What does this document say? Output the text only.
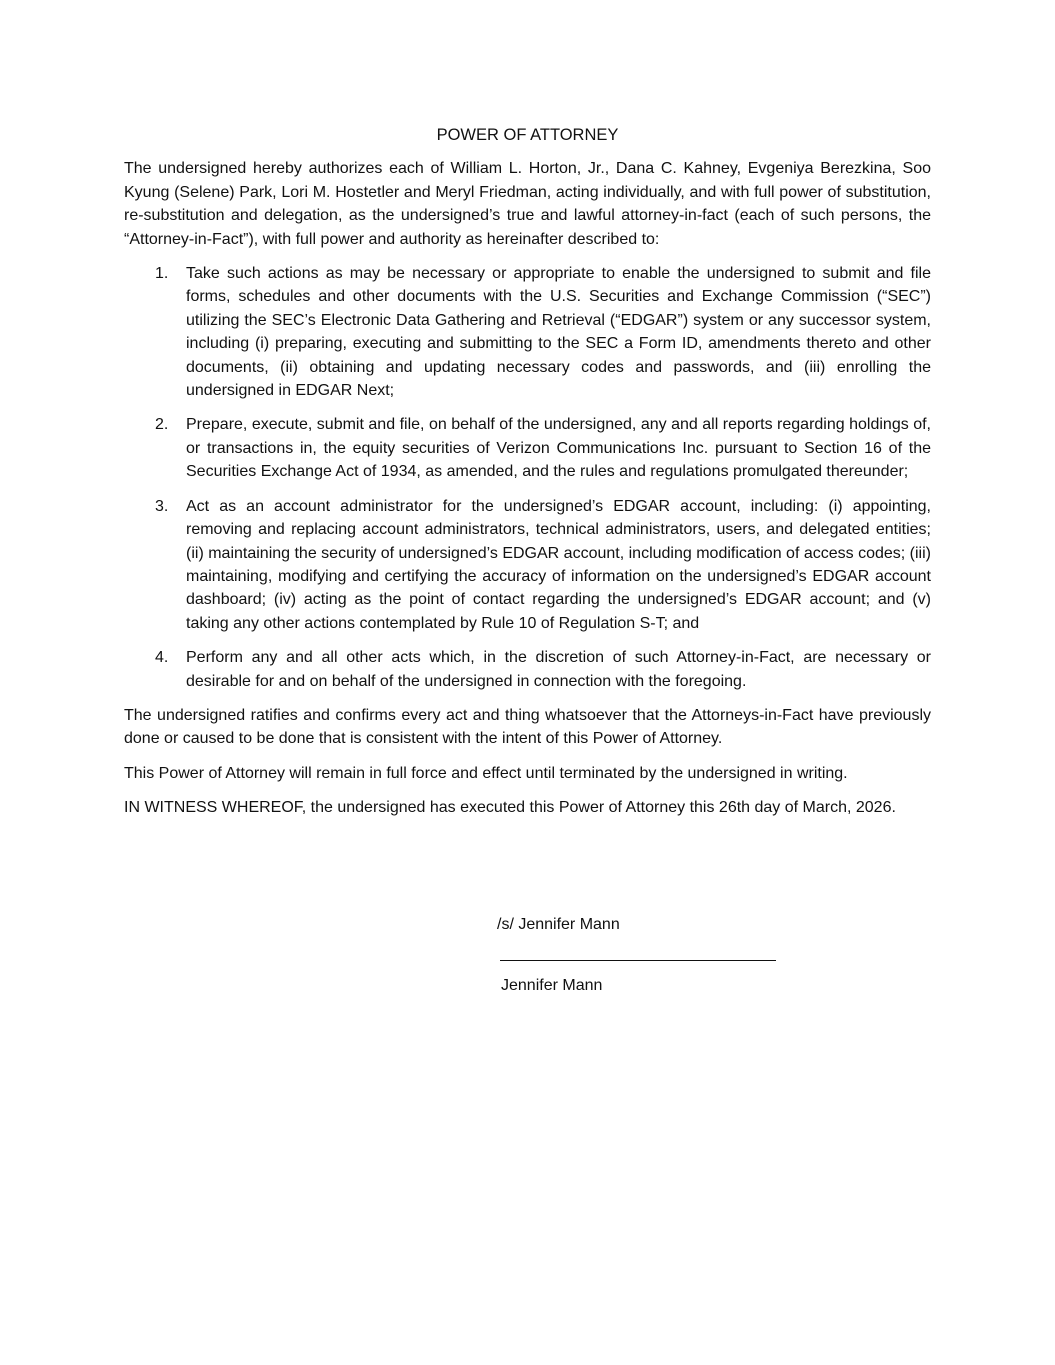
POWER OF ATTORNEY

The undersigned hereby authorizes each of William L. Horton, Jr., Dana C. Kahney, Evgeniya Berezkina, Soo Kyung (Selene) Park, Lori M. Hostetler and Meryl Friedman, acting individually, and with full power of substitution, re-substitution and delegation, as the undersigned’s true and lawful attorney-in-fact (each of such persons, the “Attorney-in-Fact”), with full power and authority as hereinafter described to:

1. Take such actions as may be necessary or appropriate to enable the undersigned to submit and file forms, schedules and other documents with the U.S. Securities and Exchange Commission (“SEC”) utilizing the SEC’s Electronic Data Gathering and Retrieval (“EDGAR”) system or any successor system, including (i) preparing, executing and submitting to the SEC a Form ID, amendments thereto and other documents, (ii) obtaining and updating necessary codes and passwords, and (iii) enrolling the undersigned in EDGAR Next;
2. Prepare, execute, submit and file, on behalf of the undersigned, any and all reports regarding holdings of, or transactions in, the equity securities of Verizon Communications Inc. pursuant to Section 16 of the Securities Exchange Act of 1934, as amended, and the rules and regulations promulgated thereunder;
3. Act as an account administrator for the undersigned’s EDGAR account, including: (i) appointing, removing and replacing account administrators, technical administrators, users, and delegated entities; (ii) maintaining the security of undersigned’s EDGAR account, including modification of access codes; (iii) maintaining, modifying and certifying the accuracy of information on the undersigned’s EDGAR account dashboard; (iv) acting as the point of contact regarding the undersigned’s EDGAR account; and (v) taking any other actions contemplated by Rule 10 of Regulation S-T; and
4. Perform any and all other acts which, in the discretion of such Attorney-in-Fact, are necessary or desirable for and on behalf of the undersigned in connection with the foregoing.

The undersigned ratifies and confirms every act and thing whatsoever that the Attorneys-in-Fact have previously done or caused to be done that is consistent with the intent of this Power of Attorney.

This Power of Attorney will remain in full force and effect until terminated by the undersigned in writing.

IN WITNESS WHEREOF, the undersigned has executed this Power of Attorney this 26th day of March, 2026.

/s/ Jennifer Mann
Jennifer Mann
